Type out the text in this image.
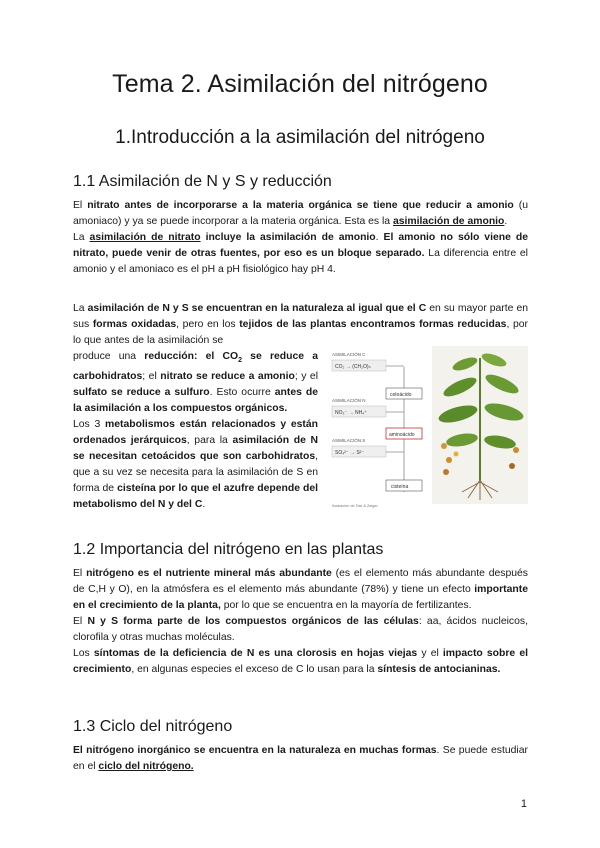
Tema 2. Asimilación del nitrógeno
1.Introducción a la asimilación del nitrógeno
1.1 Asimilación de N y S y reducción

El nitrato antes de incorporarse a la materia orgánica se tiene que reducir a amonio (u amoniaco) y ya se puede incorporar a la materia orgánica. Esta es la asimilación de amonio.

La asimilación de nitrato incluye la asimilación de amonio. El amonio no sólo viene de nitrato, puede venir de otras fuentes, por eso es un bloque separado. La diferencia entre el amonio y el amoniaco es el pH a pH fisiológico hay pH 4.

La asimilación de N y S se encuentran en la naturaleza al igual que el C en su mayor parte en sus formas oxidadas, pero en los tejidos de las plantas encontramos formas reducidas, por lo que antes de la asimilación se

produce una reducción: el $CO_2$ se reduce a carbohidratos; el nitrato se reduce a amonio; y el sulfato se reduce a sulfuro. Esto ocurre antes de la asimilación a los compuestos orgánicos.

Los 3 metabolismos están relacionados y están ordenados jerárquicos, para la asimilación de N se necesitan cetoácidos que son carbohidratos, que a su vez se necesita para la asimilación de S en forma de cisteína por lo que el azufre depende del metabolismo del N y del C.

ASIMILACIÓN C
CO₂ → (CH₂O)ₙ
cetoácido
ASIMILACIÓN N
NO₃⁻ → NH₄⁺
aminoácido
ASIMILACIÓN S
SO₄²⁻ → S²⁻
cisteína
Ilustración de Taiz & Zeiger
1.2 Importancia del nitrógeno en las plantas

El nitrógeno es el nutriente mineral más abundante (es el elemento más abundante después de C,H y O), en la atmósfera es el elemento más abundante (78%) y tiene un efecto importante en el crecimiento de la planta, por lo que se encuentra en la mayoría de fertilizantes.

El N y S forma parte de los compuestos orgánicos de las células: aa, ácidos nucleicos, clorofila y otras muchas moléculas.

Los síntomas de la deficiencia de N es una clorosis en hojas viejas y el impacto sobre el crecimiento, en algunas especies el exceso de C lo usan para la síntesis de antocianinas.

1.3 Ciclo del nitrógeno

El nitrógeno inorgánico se encuentra en la naturaleza en muchas formas. Se puede estudiar en el ciclo del nitrógeno.

1
